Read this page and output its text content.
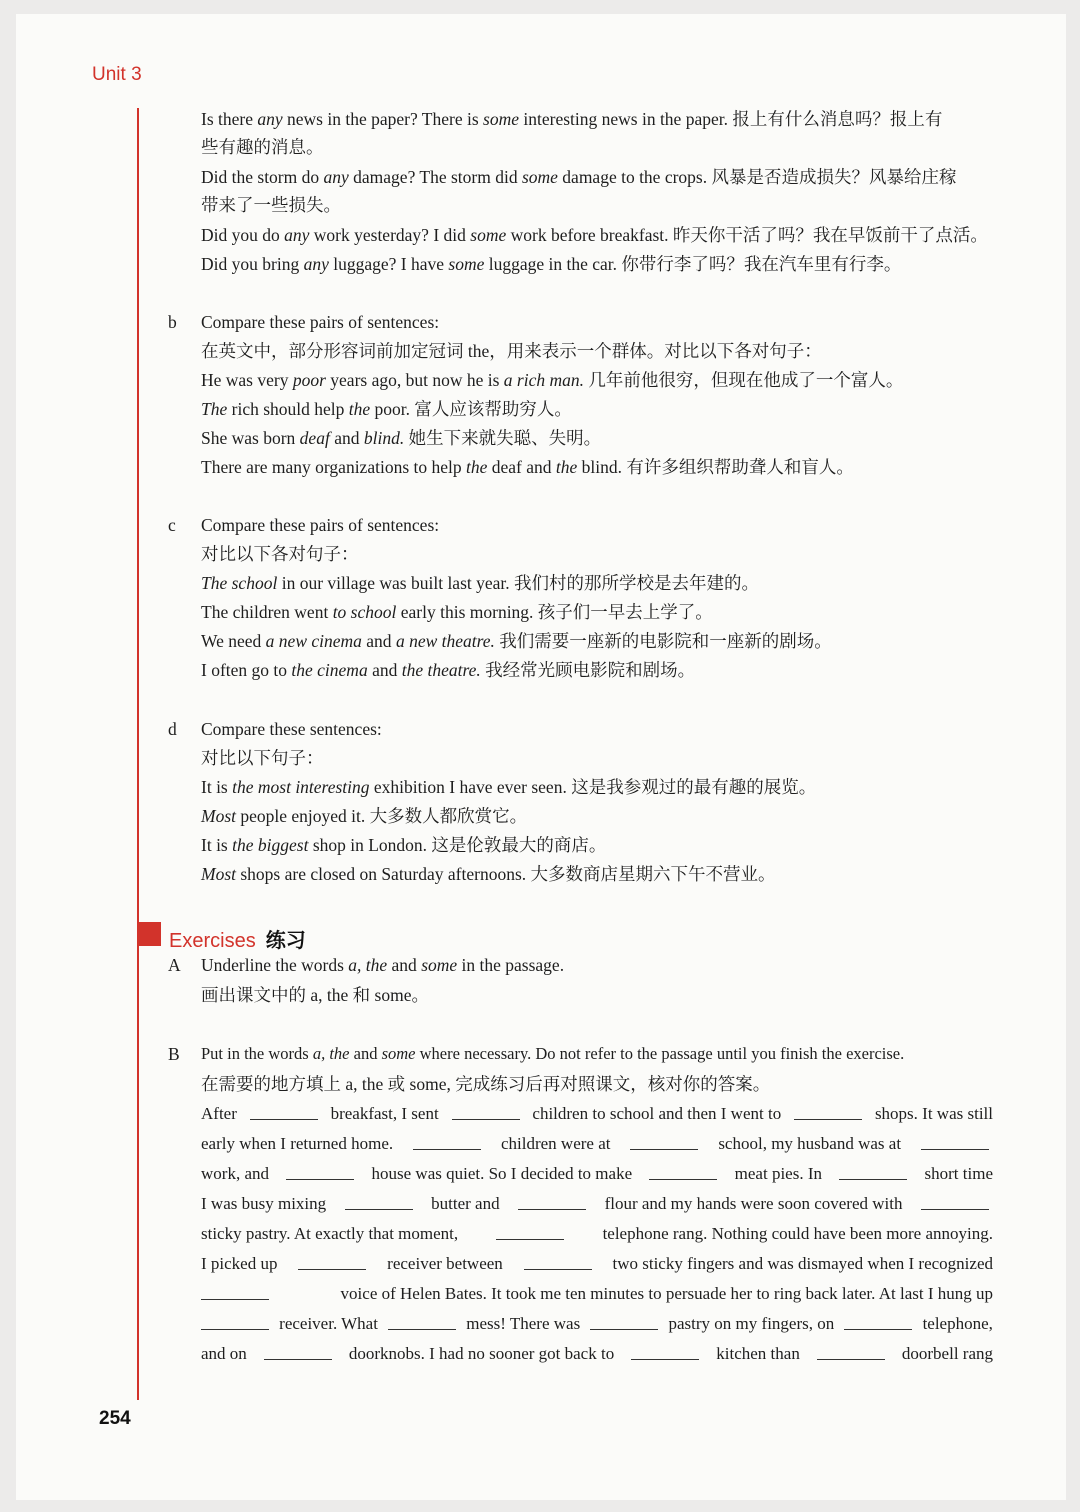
Unit 3
Is there any news in the paper? There is some interesting news in the paper. 报上有什么消息吗？报上有
些有趣的消息。
Did the storm do any damage? The storm did some damage to the crops. 风暴是否造成损失？风暴给庄稼
带来了一些损失。
Did you do any work yesterday? I did some work before breakfast. 昨天你干活了吗？我在早饭前干了点活。
Did you bring any luggage? I have some luggage in the car. 你带行李了吗？我在汽车里有行李。
b Compare these pairs of sentences:
在英文中，部分形容词前加定冠词 the，用来表示一个群体。对比以下各对句子：
He was very poor years ago, but now he is a rich man. 几年前他很穷，但现在他成了一个富人。
The rich should help the poor. 富人应该帮助穷人。
She was born deaf and blind. 她生下来就失聪、失明。
There are many organizations to help the deaf and the blind. 有许多组织帮助聋人和盲人。
c Compare these pairs of sentences:
对比以下各对句子：
The school in our village was built last year. 我们村的那所学校是去年建的。
The children went to school early this morning. 孩子们一早去上学了。
We need a new cinema and a new theatre. 我们需要一座新的电影院和一座新的剧场。
I often go to the cinema and the theatre. 我经常光顾电影院和剧场。
d Compare these sentences:
对比以下句子：
It is the most interesting exhibition I have ever seen. 这是我参观过的最有趣的展览。
Most people enjoyed it. 大多数人都欣赏它。
It is the biggest shop in London. 这是伦敦最大的商店。
Most shops are closed on Saturday afternoons. 大多数商店星期六下午不营业。
Exercises 练习
A Underline the words a, the and some in the passage.
画出课文中的 a, the 和 some。
B Put in the words a, the and some where necessary. Do not refer to the passage until you finish the exercise.
在需要的地方填上 a, the 或 some, 完成练习后再对照课文，核对你的答案。
After	breakfast, I sent	children to school and then I went to	shops. It was still
early when I returned home.	children were at	school, my husband was at
work, and	house was quiet. So I decided to make	meat pies. In	short time
I was busy mixing	butter and	flour and my hands were soon covered with
sticky pastry. At exactly that moment,	telephone rang. Nothing could have been more annoying.
I picked up	receiver between	two sticky fingers and was dismayed when I recognized
voice of Helen Bates. It took me ten minutes to persuade her to ring back later. At last I hung up
receiver. What	mess! There was	pastry on my fingers, on	telephone,
and on	doorknobs. I had no sooner got back to	kitchen than	doorbell rang
254
